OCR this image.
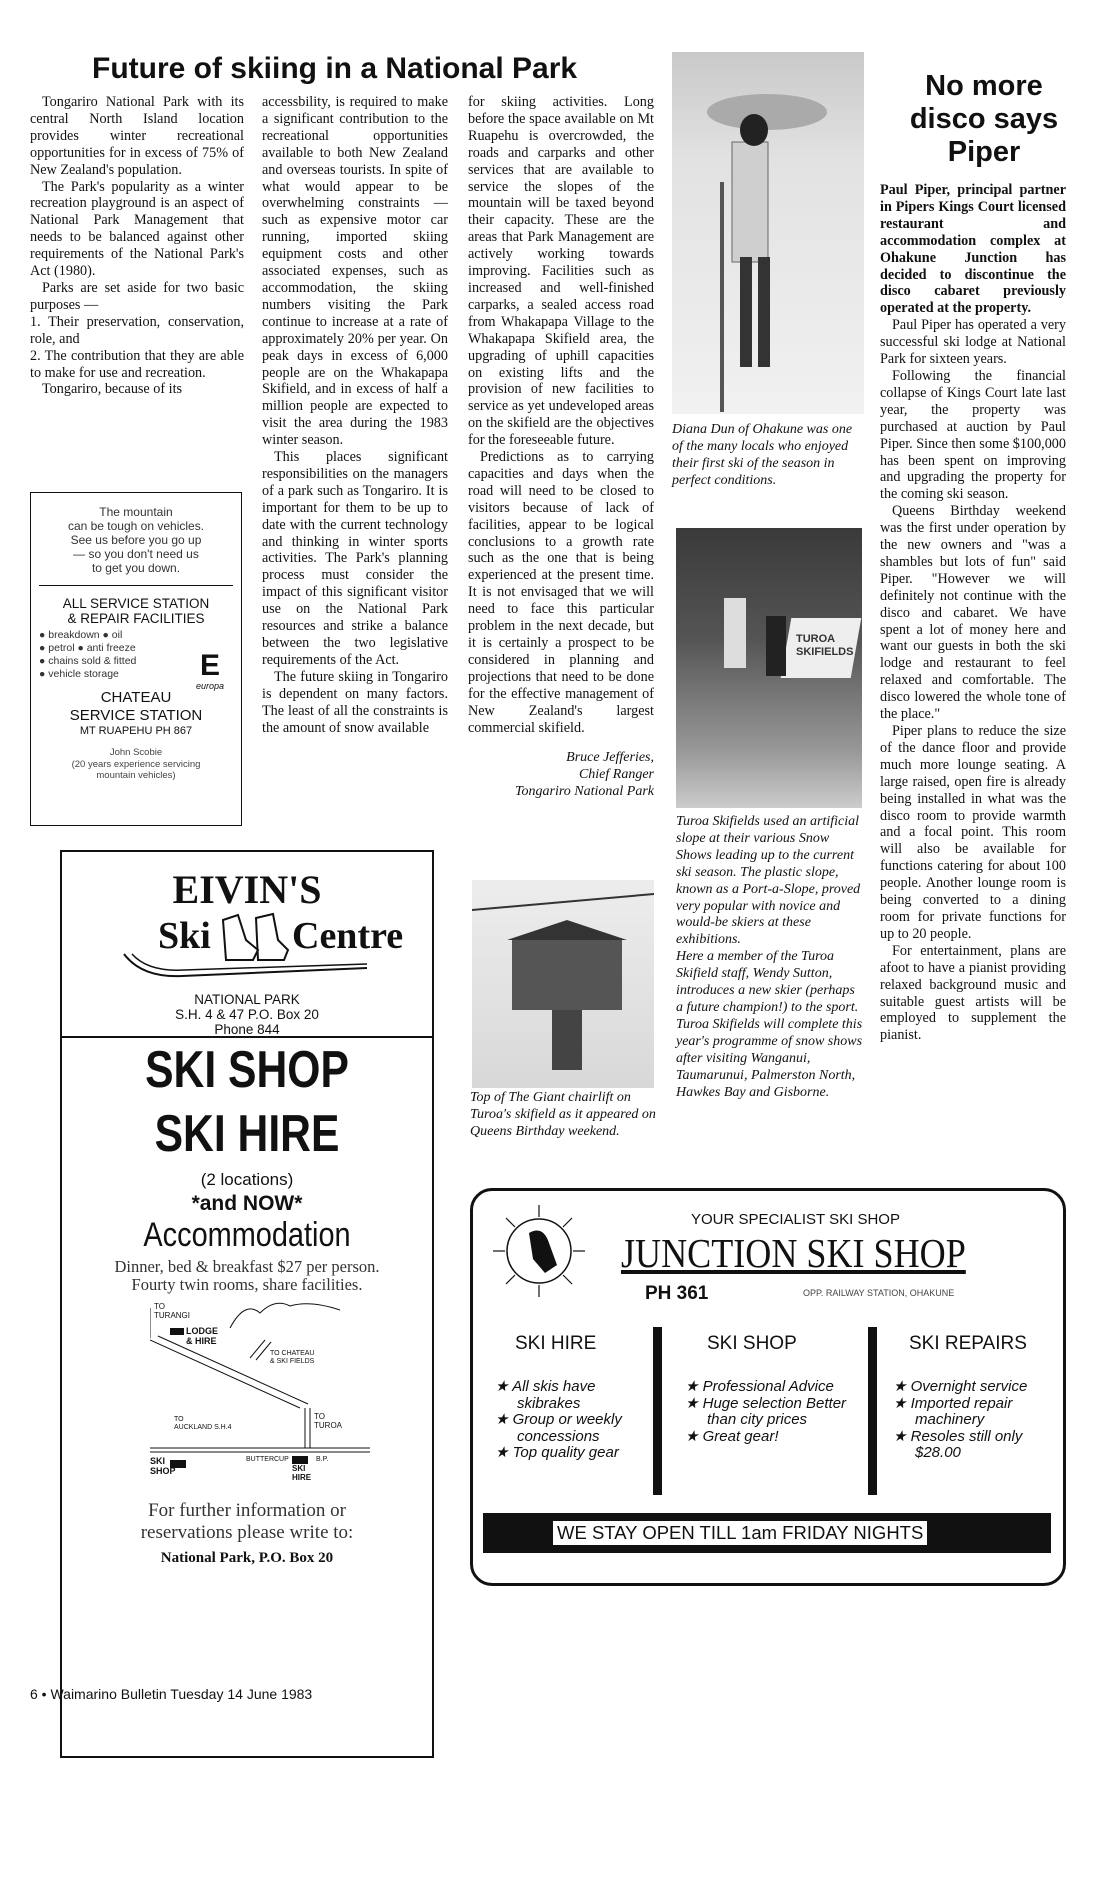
Future of skiing in a National Park

Tongariro National Park with its central North Island location provides winter recreational opportunities for in excess of 75% of New Zealand's population.

The Park's popularity as a winter recreation playground is an aspect of National Park Management that needs to be balanced against other requirements of the National Park's Act (1980).

Parks are set aside for two basic purposes —

1. Their preservation, conservation, role, and

2. The contribution that they are able to make for use and recreation.

Tongariro, because of its

The mountain
can be tough on vehicles.
See us before you go up
— so you don't need us
to get you down.
ALL SERVICE STATION
& REPAIR FACILITIES
● breakdown ● oil
● petrol ● anti freeze
● chains sold & fitted
● vehicle storage	E
europa
CHATEAU
SERVICE STATION
MT RUAPEHU PH 867
John Scobie
(20 years experience servicing
mountain vehicles)

accessbility, is required to make a significant contribution to the recreational opportunities available to both New Zealand and overseas tourists. In spite of what would appear to be overwhelming constraints — such as expensive motor car running, imported skiing equipment costs and other associated expenses, such as accommodation, the skiing numbers visiting the Park continue to increase at a rate of approximately 20% per year. On peak days in excess of 6,000 people are on the Whakapapa Skifield, and in excess of half a million people are expected to visit the area during the 1983 winter season.

This places significant responsibilities on the managers of a park such as Tongariro. It is important for them to be up to date with the current technology and thinking in winter sports activities. The Park's planning process must consider the impact of this significant visitor use on the National Park resources and strike a balance between the two legislative requirements of the Act.

The future skiing in Tongariro is dependent on many factors. The least of all the constraints is the amount of snow available

for skiing activities. Long before the space available on Mt Ruapehu is overcrowded, the roads and carparks and other services that are available to service the slopes of the mountain will be taxed beyond their capacity. These are the areas that Park Management are actively working towards improving. Facilities such as increased and well-finished carparks, a sealed access road from Whakapapa Village to the Whakapapa Skifield area, the upgrading of uphill capacities on existing lifts and the provision of new facilities to service as yet undeveloped areas on the skifield are the objectives for the foreseeable future.

Predictions as to carrying capacities and days when the road will need to be closed to visitors because of lack of facilities, appear to be logical conclusions to a growth rate such as the one that is being experienced at the present time. It is not envisaged that we will need to face this particular problem in the next decade, but it is certainly a prospect to be considered in planning and projections that need to be done for the effective management of New Zealand's largest commercial skifield.

Bruce Jefferies,
Chief Ranger
Tongariro National Park
Diana Dun of Ohakune was one of the many locals who enjoyed their first ski of the season in perfect conditions.
TUROA SKIFIELDS
Turoa Skifields used an artificial slope at their various Snow Shows leading up to the current ski season. The plastic slope, known as a Port-a-Slope, proved very popular with novice and would-be skiers at these exhibitions.
Here a member of the Turoa Skifield staff, Wendy Sutton, introduces a new skier (perhaps a future champion!) to the sport. Turoa Skifields will complete this year's programme of snow shows after visiting Wanganui, Taumarunui, Palmerston North, Hawkes Bay and Gisborne.
Top of The Giant chairlift on Turoa's skifield as it appeared on Queens Birthday weekend.
No more
disco says
Piper

Paul Piper, principal partner in Pipers Kings Court licensed restaurant and accommodation complex at Ohakune Junction has decided to discontinue the disco cabaret previously operated at the property.

Paul Piper has operated a very successful ski lodge at National Park for sixteen years.

Following the financial collapse of Kings Court late last year, the property was purchased at auction by Paul Piper. Since then some $100,000 has been spent on improving and upgrading the property for the coming ski season.

Queens Birthday weekend was the first under operation by the new owners and "was a shambles but lots of fun" said Piper. "However we will definitely not continue with the disco and cabaret. We have spent a lot of money here and want our guests in both the ski lodge and restaurant to feel relaxed and comfortable. The disco lowered the whole tone of the place."

Piper plans to reduce the size of the dance floor and provide much more lounge seating. A large raised, open fire is already being installed in what was the disco room to provide warmth and a focal point. This room will also be available for functions catering for about 100 people. Another lounge room is being converted to a dining room for private functions for up to 20 people.

For entertainment, plans are afoot to have a pianist providing relaxed background music and suitable guest artists will be employed to supplement the pianist.

EIVIN'S
Ski Centre
NATIONAL PARK
S.H. 4 & 47 P.O. Box 20
Phone 844
SKI SHOP
SKI HIRE
(2 locations)
*and NOW*
Accommodation
Dinner, bed & breakfast $27 per person.
Fourty twin rooms, share facilities.
TO
TURANGI
LODGE
& HIRE
TO CHATEAU
& SKI FIELDS
TO
AUCKLAND S.H.4
TO
TUROA
SKI
SHOP
BUTTERCUP	B.P.
SKI
HIRE
For further information or
reservations please write to:
National Park, P.O. Box 20
YOUR SPECIALIST SKI SHOP
JUNCTION SKI SHOP
PH 361	OPP. RAILWAY STATION, OHAKUNE
SKI HIRE
★ All skis have skibrakes
★ Group or weekly concessions
★ Top quality gear
SKI SHOP
★ Professional Advice
★ Huge selection Better than city prices
★ Great gear!
SKI REPAIRS
★ Overnight service
★ Imported repair machinery
★ Resoles still only $28.00
WE STAY OPEN TILL 1am FRIDAY NIGHTS
6 • Waimarino Bulletin Tuesday 14 June 1983
